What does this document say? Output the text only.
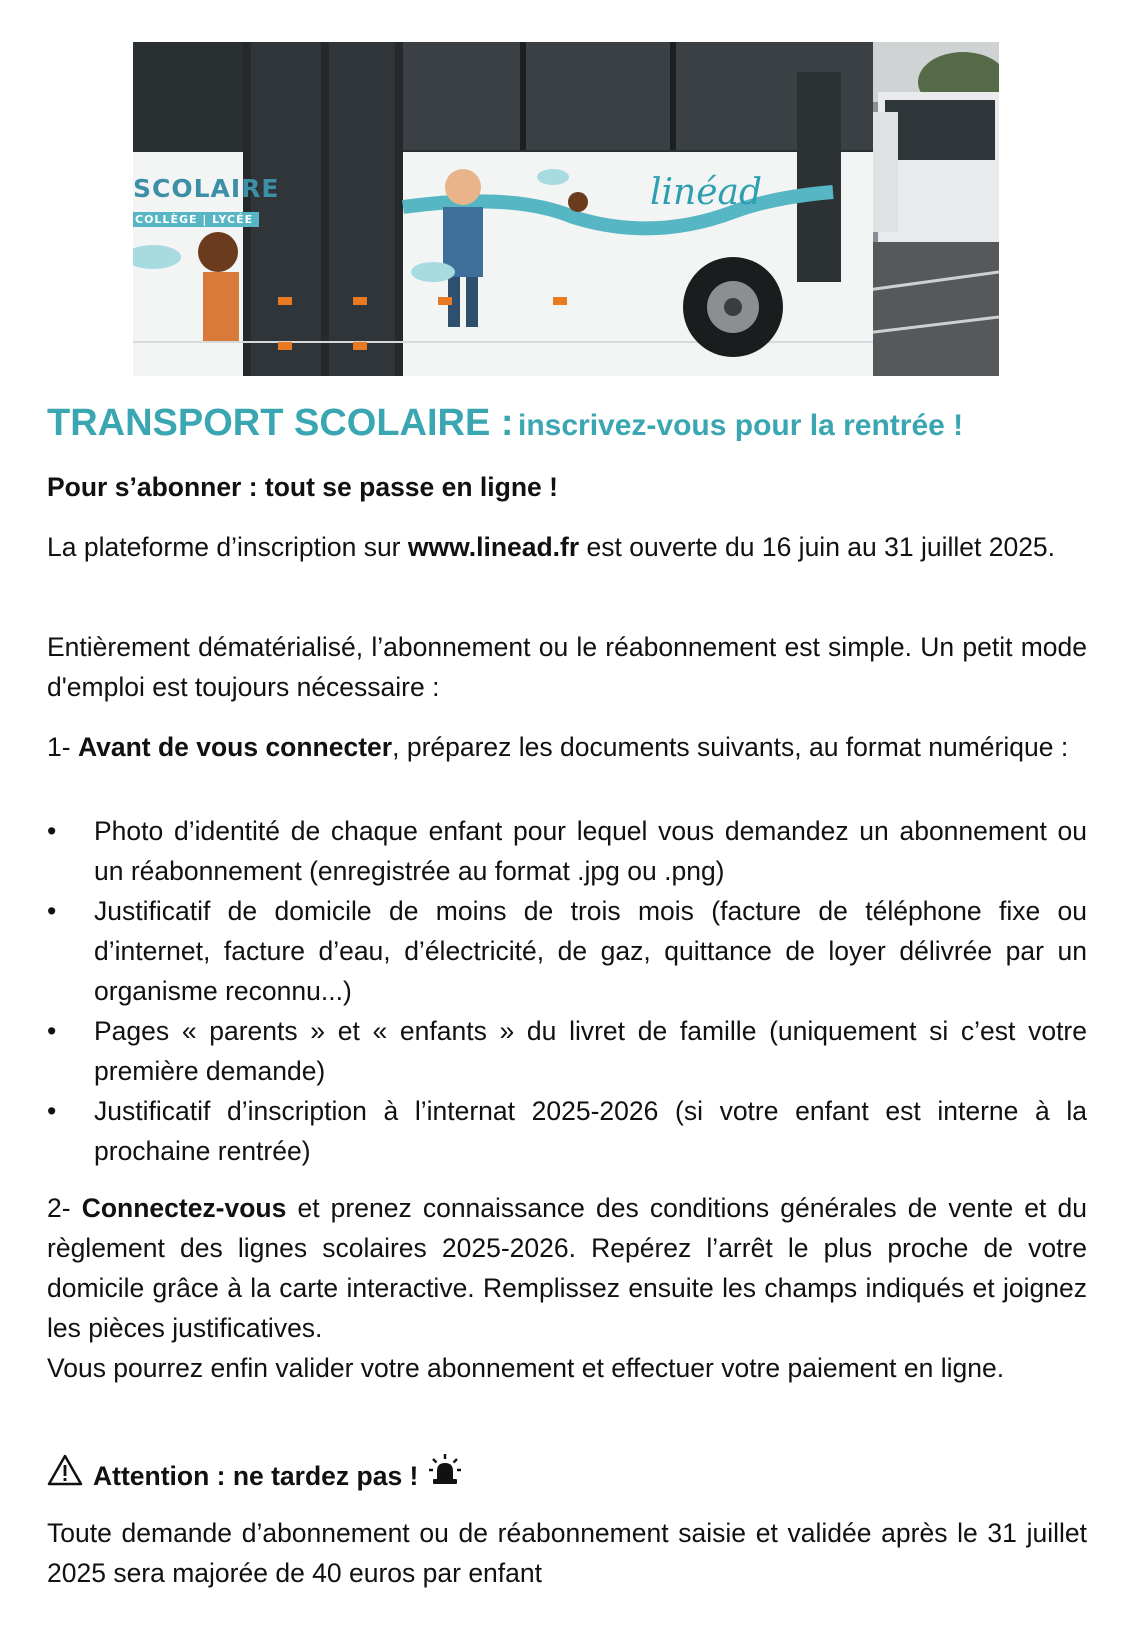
SCOLAIRE
COLLÈGE | LYCÉE
linéad
TRANSPORT SCOLAIRE : inscrivez-vous pour la rentrée !

Pour s’abonner : tout se passe en ligne !

La plateforme d’inscription sur www.linead.fr est ouverte du 16 juin au 31 juillet 2025.

Entièrement dématérialisé, l’abonnement ou le réabonnement est simple. Un petit mode d'emploi est toujours nécessaire :

1- Avant de vous connecter, préparez les documents suivants, au format numérique :

• Photo d’identité de chaque enfant pour lequel vous demandez un abonnement ou un réabonnement (enregistrée au format .jpg ou .png)
• Justificatif de domicile de moins de trois mois (facture de téléphone fixe ou d’internet, facture d’eau, d’électricité, de gaz, quittance de loyer délivrée par un organisme reconnu...)
• Pages « parents » et « enfants » du livret de famille (uniquement si c’est votre première demande)
• Justificatif d’inscription à l’internat 2025-2026 (si votre enfant est interne à la prochaine rentrée)

2- Connectez-vous et prenez connaissance des conditions générales de vente et du règlement des lignes scolaires 2025-2026. Repérez l’arrêt le plus proche de votre domicile grâce à la carte interactive. Remplissez ensuite les champs indiqués et joignez les pièces justificatives.

Vous pourrez enfin valider votre abonnement et effectuer votre paiement en ligne.

Attention : ne tardez pas !

Toute demande d’abonnement ou de réabonnement saisie et validée après le 31 juillet 2025 sera majorée de 40 euros par enfant
